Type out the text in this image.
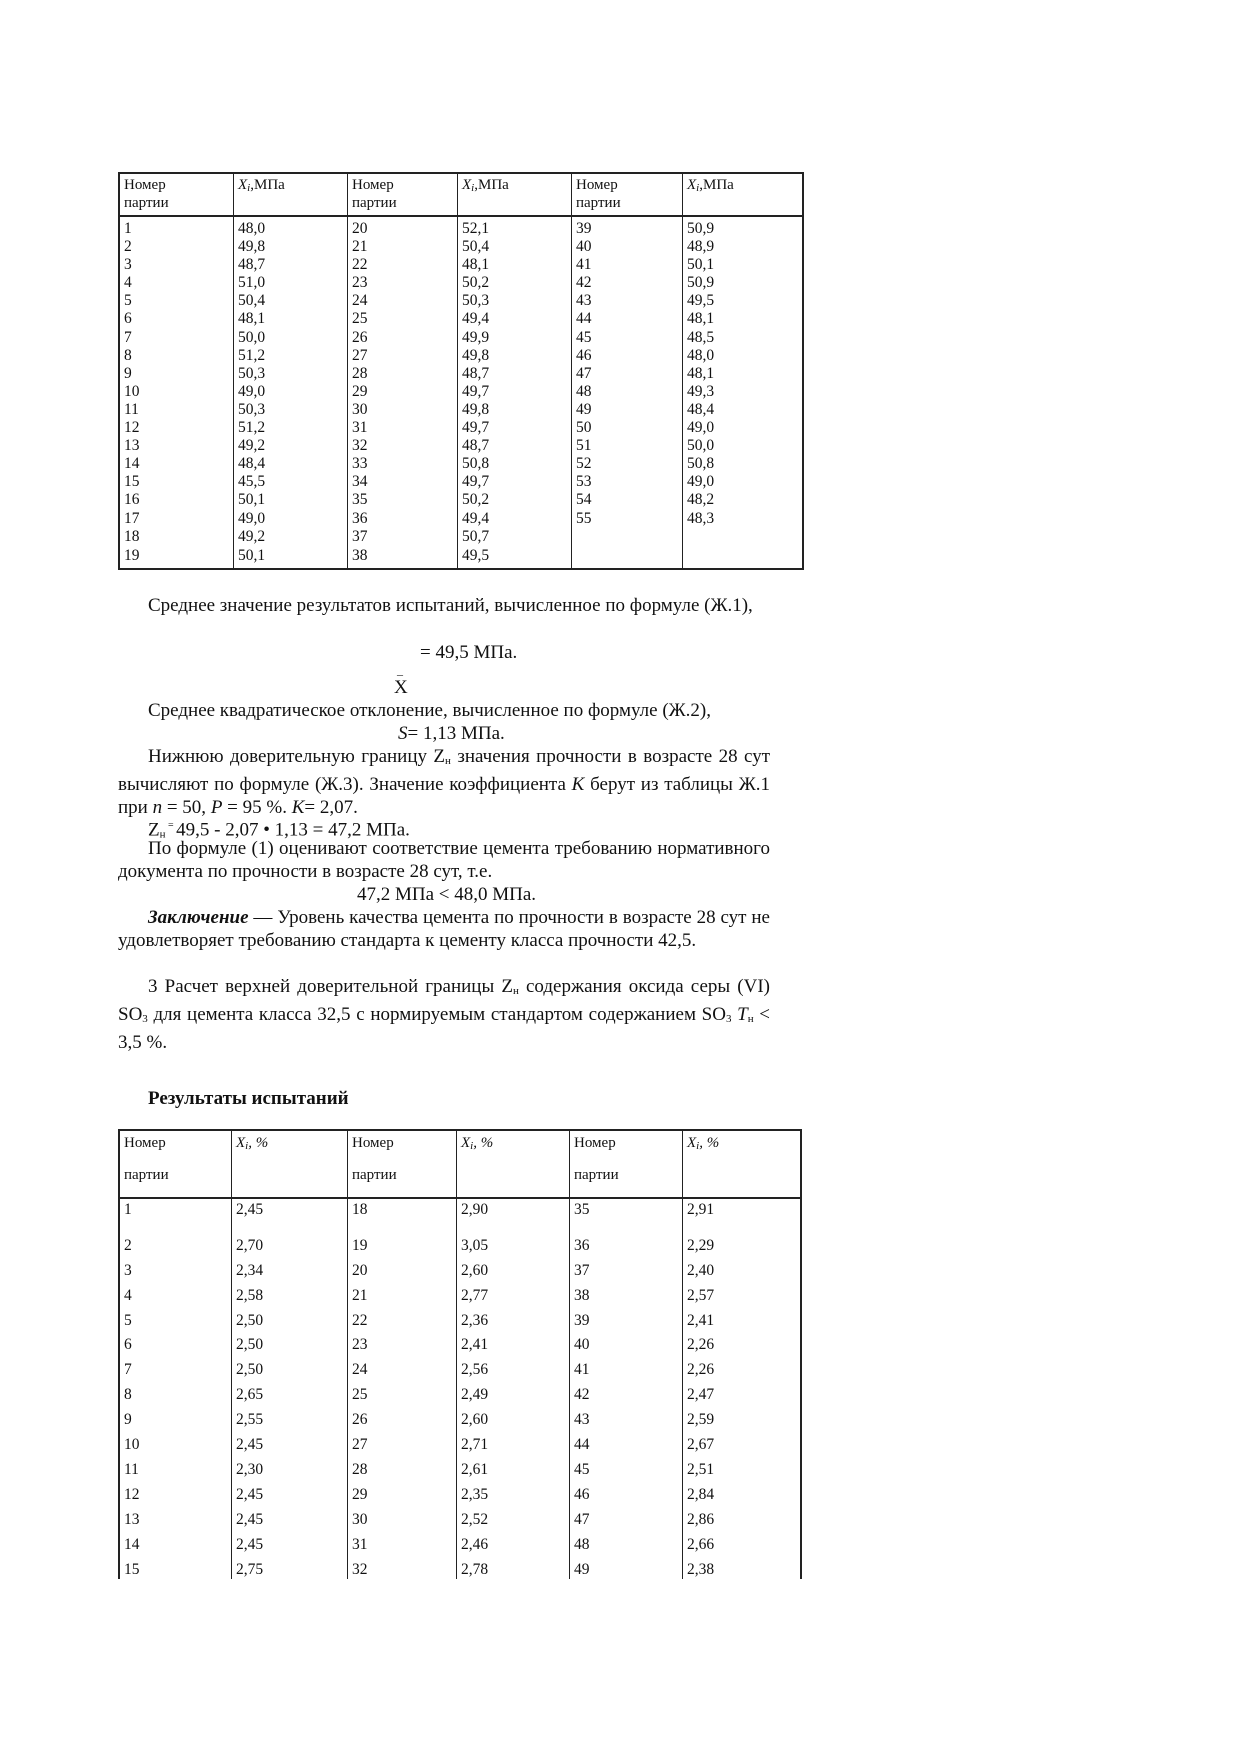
Номер
партии
1
2
3
4
5
6
7
8
9
10
11
12
13
14
15
16
17
18
19
$X_i,МПа$
48,0
49,8
48,7
51,0
50,4
48,1
50,0
51,2
50,3
49,0
50,3
51,2
49,2
48,4
45,5
50,1
49,0
49,2
50,1
Номер
партии
20
21
22
23
24
25
26
27
28
29
30
31
32
33
34
35
36
37
38
$X_i,МПа$
52,1
50,4
48,1
50,2
50,3
49,4
49,9
49,8
48,7
49,7
49,8
49,7
48,7
50,8
49,7
50,2
49,4
50,7
49,5
Номер
партии
39
40
41
42
43
44
45
46
47
48
49
50
51
52
53
54
55
$X_i,МПа$
50,9
48,9
50,1
50,9
49,5
48,1
48,5
48,0
48,1
49,3
48,4
49,0
50,0
50,8
49,0
48,2
48,3
Среднее значение результатов испытаний, вычисленное по формуле (Ж.1),
= 49,5 МПа.
_
X
Среднее квадратическое отклонение, вычисленное по формуле (Ж.2),
S= 1,13 МПа.
Нижнюю доверительную границу $Z_н$ значения прочности в возрасте 28 сут вычисляют по формуле (Ж.3). Значение коэффициента K берут из таблицы Ж.1 при n = 50, P = 95 %. K= 2,07.
$Z_н$ = 49,5 - 2,07 • 1,13 = 47,2 МПа.
По формуле (1) оценивают соответствие цемента требованию нормативного документа по прочности в возрасте 28 сут, т.е.
47,2 МПа < 48,0 МПа.
Заключение — Уровень качества цемента по прочности в возрасте 28 сут не удовлетворяет требованию стандарта к цементу класса прочности 42,5.
3 Расчет верхней доверительной границы $Z_н$ содержания оксида серы (VI) $SO_3$ для цемента класса 32,5 с нормируемым стандартом содержанием $SO_3$ $T_н < 3,5$ %.
Результаты испытаний
Номер
партии
1
2
3
4
5
6
7
8
9
10
11
12
13
14
15
$X_i$, %
2,45
2,70
2,34
2,58
2,50
2,50
2,50
2,65
2,55
2,45
2,30
2,45
2,45
2,45
2,75
Номер
партии
18
19
20
21
22
23
24
25
26
27
28
29
30
31
32
$X_i$, %
2,90
3,05
2,60
2,77
2,36
2,41
2,56
2,49
2,60
2,71
2,61
2,35
2,52
2,46
2,78
Номер
партии
35
36
37
38
39
40
41
42
43
44
45
46
47
48
49
$X_i$, %
2,91
2,29
2,40
2,57
2,41
2,26
2,26
2,47
2,59
2,67
2,51
2,84
2,86
2,66
2,38
